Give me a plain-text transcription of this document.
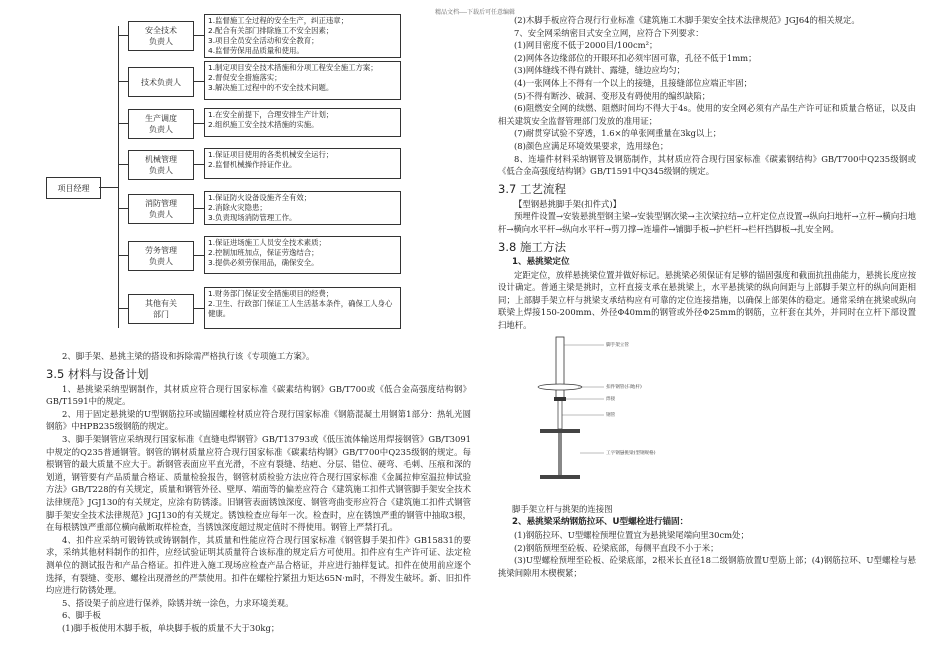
精品文档----下载后可任意编辑
项目经理
安全技术
负责人
1.监督施工全过程的安全生产，纠正违章；
2.配合有关部门排除施工不安全因素；
3.项目全员安全活动和安全教育；
4.监督劳保用品质量和使用。
技术负责人
1.制定项目安全技术措施和分项工程安全施工方案；
2.督促安全措施落实；
3.解决施工过程中的不安全技术问题。
生产调度
负责人
1.在安全前提下，合理安排生产计划；
2.组织施工安全技术措施的实施。
机械管理
负责人
1.保证项目使用的各类机械安全运行；
2.监督机械操作持证作业。
消防管理
负责人
1.保证防火设备设施齐全有效；
2.消除火灾隐患；
3.负责现场消防管理工作。
劳务管理
负责人
1.保证进场施工人员安全技术素质；
2.控制加班加点，保证劳逸结合；
3.提供必须劳保用品，确保安全。
其他有关
部门
1.财务部门保证安全措施项目的经费；
2.卫生、行政部门保证工人生活基本条件，确保工人身心健康。

2、脚手架、悬挑主梁的搭设和拆除需严格执行该《专项施工方案》。

3.5 材料与设备计划

1、悬挑梁采纳型钢制作，其材质应符合现行国家标准《碳素结构钢》GB/T700或《低合金高强度结构钢》GB/T1591中的规定。

2、用于固定悬挑梁的U型钢筋拉环或锚固螺栓材质应符合现行国家标准《钢筋混凝土用钢第1部分：热轧光圆钢筋》中HPB235级钢筋的规定。

3、脚手架钢管应采纳现行国家标准《直缝电焊钢管》GB/T13793或《低压流体输送用焊接钢管》GB/T3091中规定的Q235普通钢管。钢管的钢材质量应符合现行国家标准《碳素结构钢》GB/T700中Q235级钢的规定。每根钢管的最大质量不应大于。新钢管表面应平直光滑，不应有裂缝、结疤、分层、错位、硬弯、毛刺、压痕和深的划道，钢管要有产品质量合格证、质量检验报告，钢管材质检验方法应符合现行国家标准《金属拉伸室温拉伸试验方法》GB/T228的有关规定，质量和钢管外径、壁厚、端面等的偏差应符合《建筑施工扣件式钢管脚手架安全技术法律规范》JGJ130的有关规定，应涂有防锈漆。旧钢管表面锈蚀深度、钢管弯曲变形应符合《建筑施工扣件式钢管脚手架安全技术法律规范》JGJ130的有关规定。锈蚀检查应每年一次。检查时，应在锈蚀严重的钢管中抽取3根，在每根锈蚀严重部位横向截断取样检查，当锈蚀深度超过规定值时不得使用。钢管上严禁打孔。

4、扣件应采纳可锻铸铁或铸钢制作，其质量和性能应符合现行国家标准《钢管脚手架扣件》GB15831的要求，采纳其他材料制作的扣件，应经试验证明其质量符合该标准的规定后方可使用。扣件应有生产许可证、法定检测单位的测试报告和产品合格证。扣件进入施工现场应检查产品合格证，并应进行抽样复试。扣件在使用前应逐个选择，有裂缝、变形、螺栓出现滑丝的严禁使用。扣件在螺栓拧紧扭力矩达65N·m时，不得发生破坏。新、旧扣件均应进行防锈处理。

5、搭设架子前应进行保养，除锈并统一涂色，力求环境美观。

6、脚手板

(1)脚手板使用木脚手板，单块脚手板的质量不大于30kg；

(2)木脚手板应符合现行行业标准《建筑施工木脚手架安全技术法律规范》JGJ64的相关规定。

7、安全网采纳密目式安全立网，应符合下列要求：

(1)网目密度不低于2000目/100cm²；

(2)网体各边缘部位的开眼环扣必须牢固可靠，孔径不低于1mm；

(3)网体缝线不得有跳针、露缝，缝边应均匀；

(4)一张网体上不得有一个以上的接缝，且接缝部位应端正牢固；

(5)不得有断沙、破洞、变形及有碍使用的编织缺陷；

(6)阻燃安全网的续燃、阻燃时间均不得大于4s。使用的安全网必须有产品生产许可证和质量合格证，以及由相关建筑安全监督管理部门发放的准用证；

(7)耐贯穿试验不穿透，1.6×的单张网重量在3kg以上；

(8)颜色应满足环境效果要求，选用绿色；

8、连墙件材料采纳钢管及钢筋制作，其材质应符合现行国家标准《碳素钢结构》GB/T700中Q235级钢或《低合金高强度结构钢》GB/T1591中Q345级钢的规定。

3.7 工艺流程

【型钢悬挑脚手架(扣件式)】

预埋件设置→安装悬挑型钢主梁→安装型钢次梁→主次梁拉结→立杆定位点设置→纵向扫地杆→立杆→横向扫地杆→横向水平杆→纵向水平杆→剪刀撑→连墙件→铺脚手板→护栏杆→栏杆挡脚板→扎安全网。

3.8 施工方法
1、悬挑梁定位

定距定位，放样悬挑梁位置并做好标记。悬挑梁必须保证有足够的锚固强度和截面抗扭曲能力，悬挑长度应按设计确定。普通主梁是挑时，立杆直接支承在悬挑梁上，水平悬挑梁的纵向间距与上部脚手架立杆的纵向间距相同；上部脚手架立杆与挑梁支承结构应有可靠的定位连接措施，以确保上部架体的稳定。通常采纳在挑梁或纵向联梁上焊接150-200mm、外径Φ40mm的钢管或外径Φ25mm的钢筋，立杆套在其外，并同时在立杆下部设置扫地杆。

脚手架立管
扣件钢管(扫地杆)
焊接
钢管
工字钢悬挑梁(型钢规格)
脚手架立杆与挑架的连接图
2、悬挑梁采纳钢筋拉环、U型螺栓进行锚固：

(1)钢筋拉环、U型螺栓预埋位置宜为悬挑梁尾端向里30cm处；

(2)钢筋预埋至砼板、砼梁底部，每侧平直段不小于米；

(3)U型螺栓预埋至砼板、砼梁底部，2根米长直径18二级钢筋放置U型筋上部；(4)钢筋拉环、U型螺栓与悬挑梁间隙用木楔楔紧；
